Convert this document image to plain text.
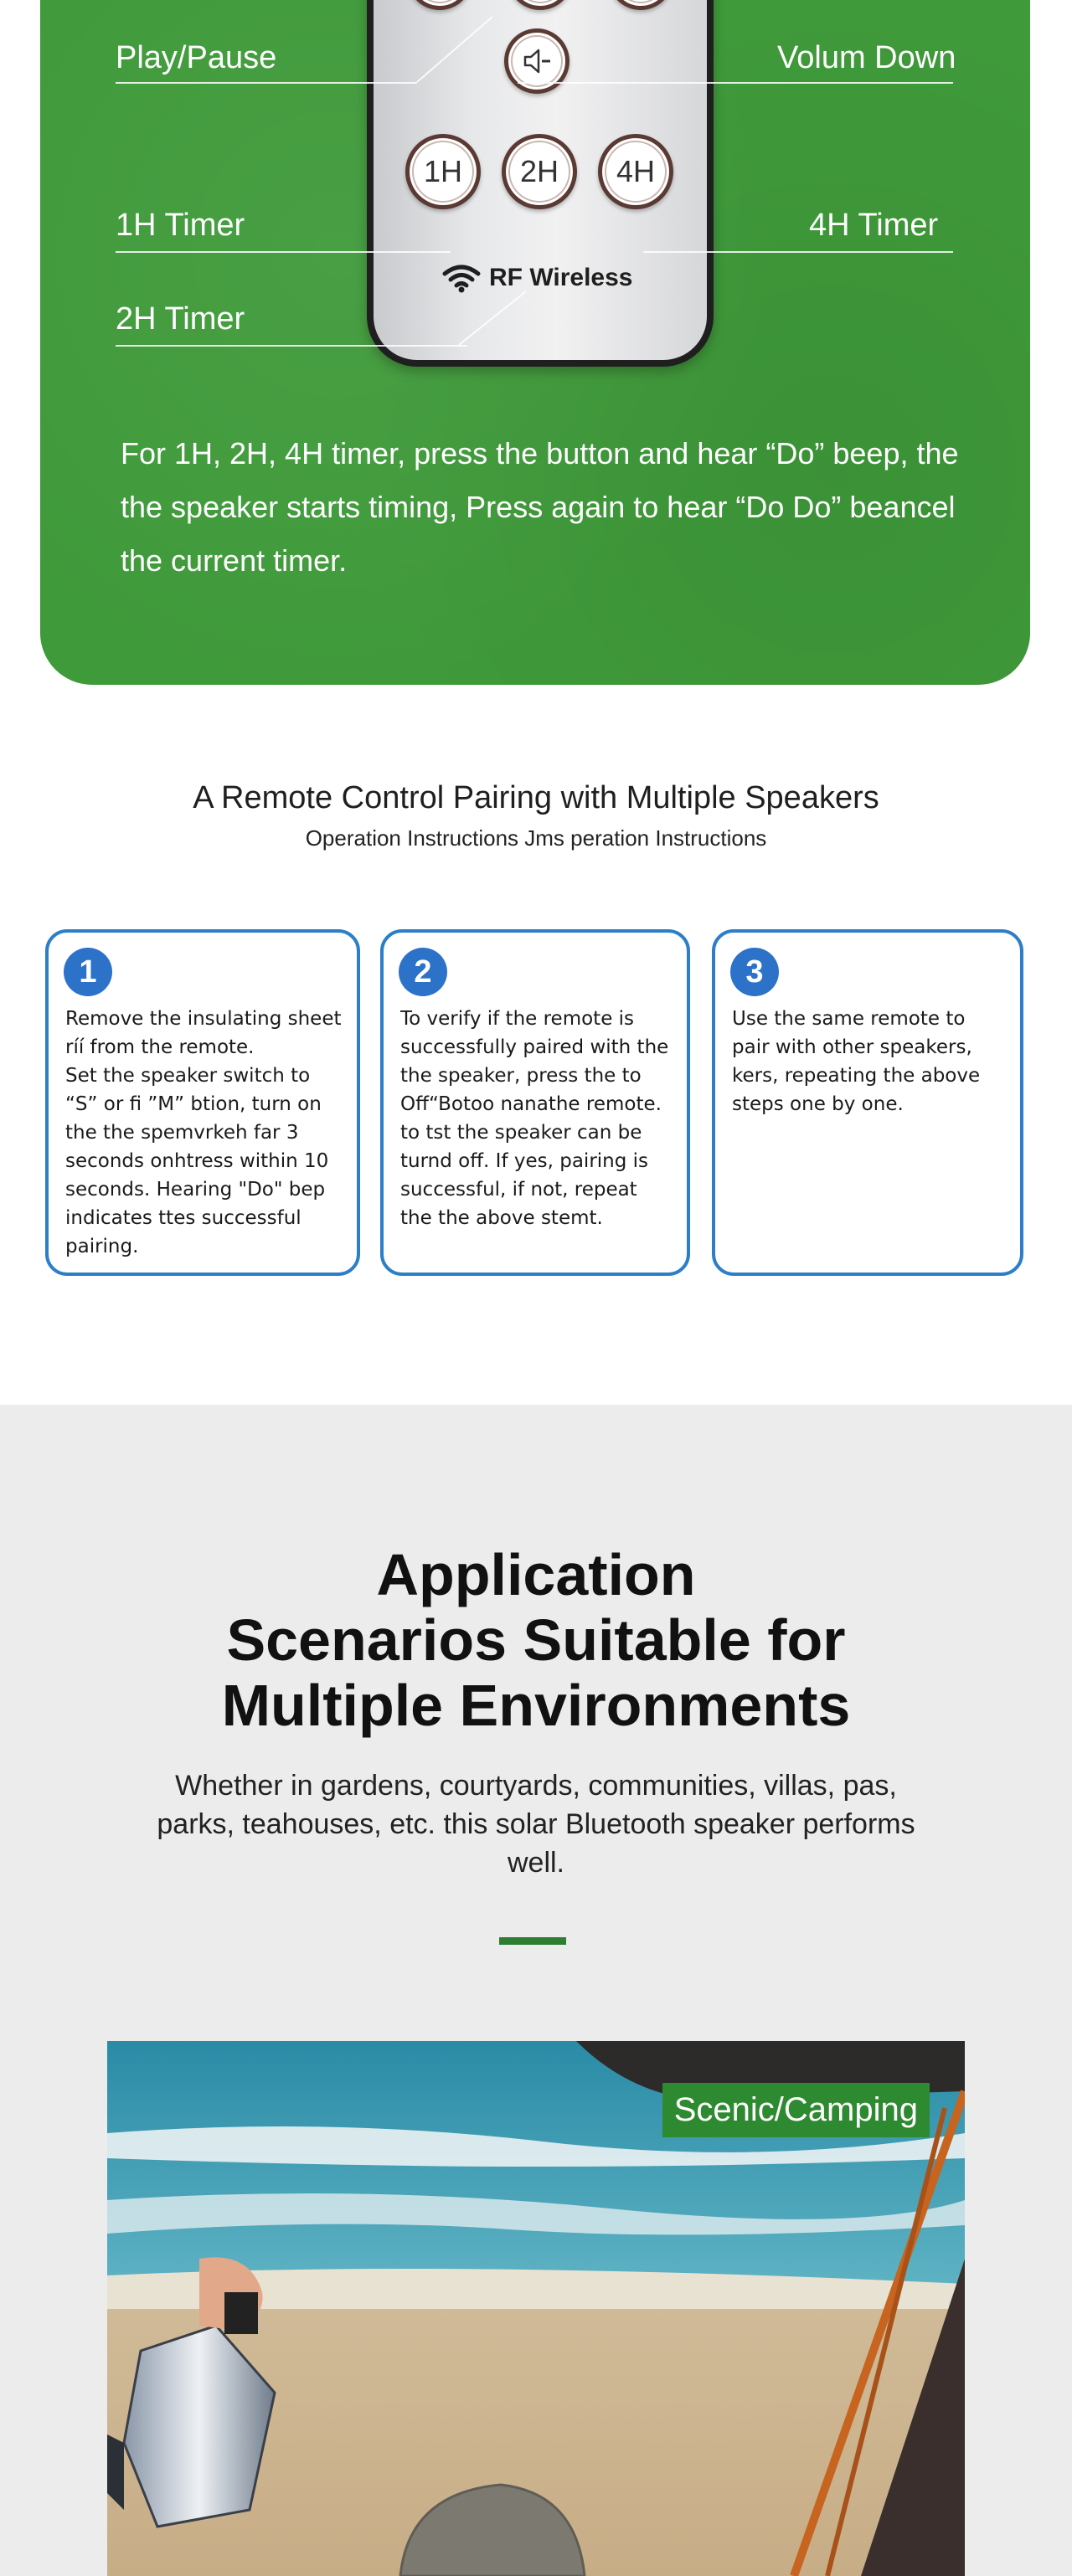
1H 2H 4H
RF Wireless
Play/Pause	Volum Down
1H Timer	4H Timer
2H Timer
For 1H, 2H, 4H timer, press the button and hear “Do” beep, the the speaker starts timing, Press again to hear “Do Do” beancel the current timer.
A Remote Control Pairing with Multiple Speakers
Operation Instructions Jms peration Instructions
1
Remove the insulating sheet ríí from the remote.
Set the speaker switch to “S” or fi ”M” btion, turn on the the spemvrkeh far 3 seconds onhtress within 10 seconds. Hearing "Do" bep indicates ttes successful pairing.
2
To verify if the remote is successfully paired with the the speaker, press the to Off“Botoo nanathe remote. to tst the speaker can be turnd off. If yes, pairing is successful, if not, repeat the the above stemt.
3
Use the same remote to pair with other speakers, kers, repeating the above steps one by one.
Application
Scenarios Suitable for
Multiple Environments
Whether in gardens, courtyards, communities, villas, pas, parks, teahouses, etc. this solar Bluetooth speaker performs well.
Scenic/Camping
